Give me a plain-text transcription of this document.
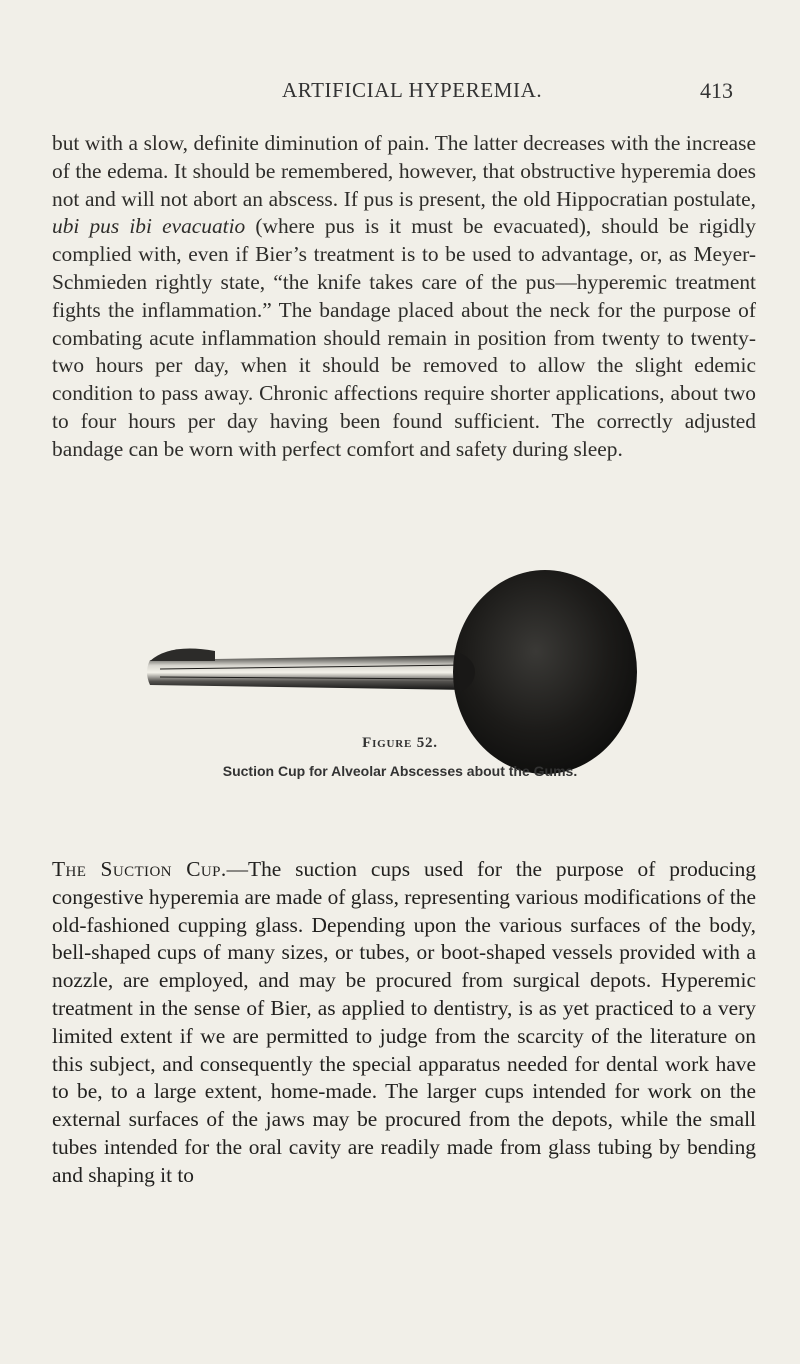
ARTIFICIAL HYPEREMIA.	413

but with a slow, definite diminution of pain. The latter decreases with the increase of the edema. It should be remembered, however, that obstructive hyperemia does not and will not abort an abscess. If pus is present, the old Hippocratian postulate, ubi pus ibi evacuatio (where pus is it must be evacuated), should be rigidly complied with, even if Bier’s treatment is to be used to advantage, or, as Meyer-Schmieden rightly state, “the knife takes care of the pus—hyperemic treatment fights the inflammation.” The bandage placed about the neck for the purpose of combating acute inflammation should remain in position from twenty to twenty-two hours per day, when it should be removed to allow the slight edemic condition to pass away. Chronic affections require shorter applications, about two to four hours per day having been found sufficient. The correctly adjusted bandage can be worn with perfect comfort and safety during sleep.

Figure 52.
Suction Cup for Alveolar Abscesses about the Gums.

The Suction Cup.—The suction cups used for the purpose of producing congestive hyperemia are made of glass, representing various modifications of the old-fashioned cupping glass. Depending upon the various surfaces of the body, bell-shaped cups of many sizes, or tubes, or boot-shaped vessels provided with a nozzle, are employed, and may be procured from surgical depots. Hyperemic treatment in the sense of Bier, as applied to dentistry, is as yet practiced to a very limited extent if we are permitted to judge from the scarcity of the literature on this subject, and consequently the special apparatus needed for dental work have to be, to a large extent, home-made. The larger cups intended for work on the external surfaces of the jaws may be procured from the depots, while the small tubes intended for the oral cavity are readily made from glass tubing by bending and shaping it to
